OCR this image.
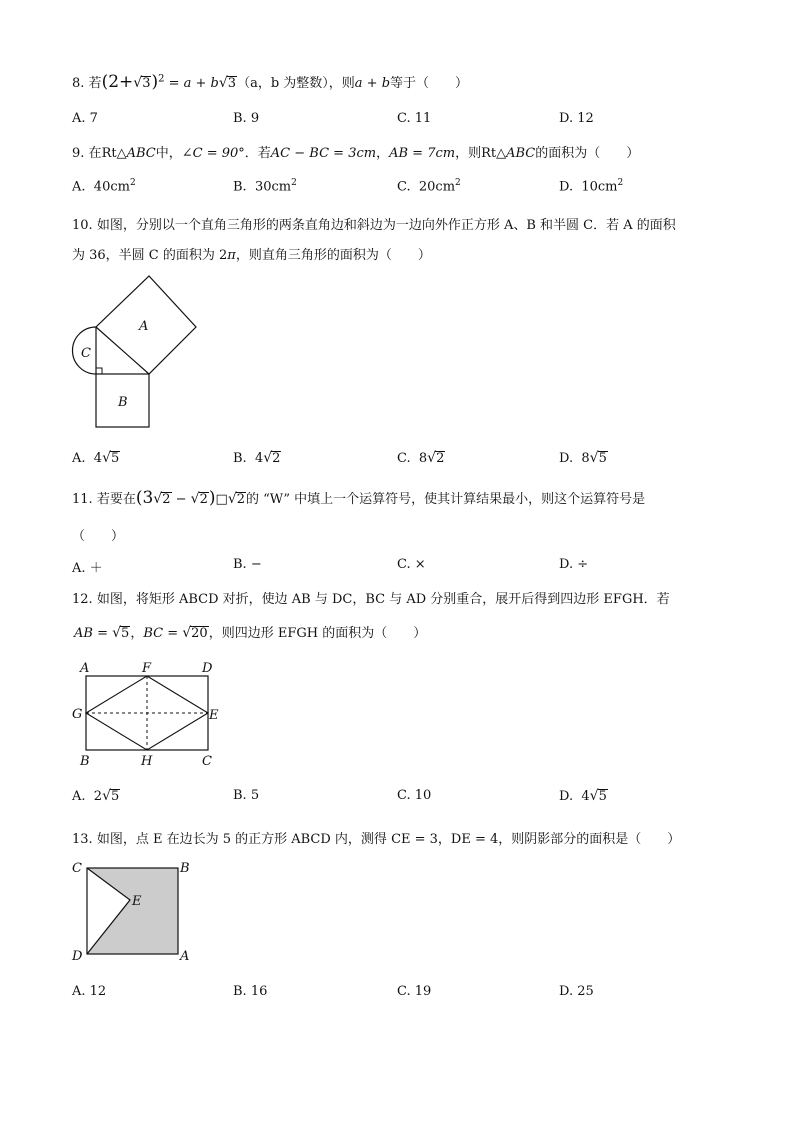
8. 若$(2+√3)^2 = a + b√3(a$，b 为整数），则a + b等于（　　）
A. 7	B. 9	C. 11	D. 12
9. 在Rt△ABC中，∠C = 90°．若AC − BC = 3cm，AB = 7cm，则Rt△ABC的面积为（　　）
A. $40cm^2$	B. $30cm^2$	C. $20cm^2$	D. $10cm^2$
10. 如图，分别以一个直角三角形的两条直角边和斜边为一边向外作正方形 A、B 和半圆 C．若 A 的面积
为 36，半圆 C 的面积为 2π，则直角三角形的面积为（　　）
A
B
C
A. 4√5	B. 4√2	C. 8√2	D. 8√5
11. 若要在(3√2 − √2)□√2的 “W” 中填上一个运算符号，使其计算结果最小，则这个运算符号是
（　　）
A. ＋	B. −	C. ×	D. ÷
12. 如图，将矩形 ABCD 对折，使边 AB 与 DC，BC 与 AD 分别重合，展开后得到四边形 EFGH．若
AB = √5，BC = √20，则四边形 EFGH 的面积为（　　）
A	F	D
G	E
B	H	C
A. 2√5	B. 5	C. 10	D. 4√5
13. 如图，点 E 在边长为 5 的正方形 ABCD 内，测得 CE = 3，DE = 4，则阴影部分的面积是（　　）
C	B
E
D	A
A. 12	B. 16	C. 19	D. 25
